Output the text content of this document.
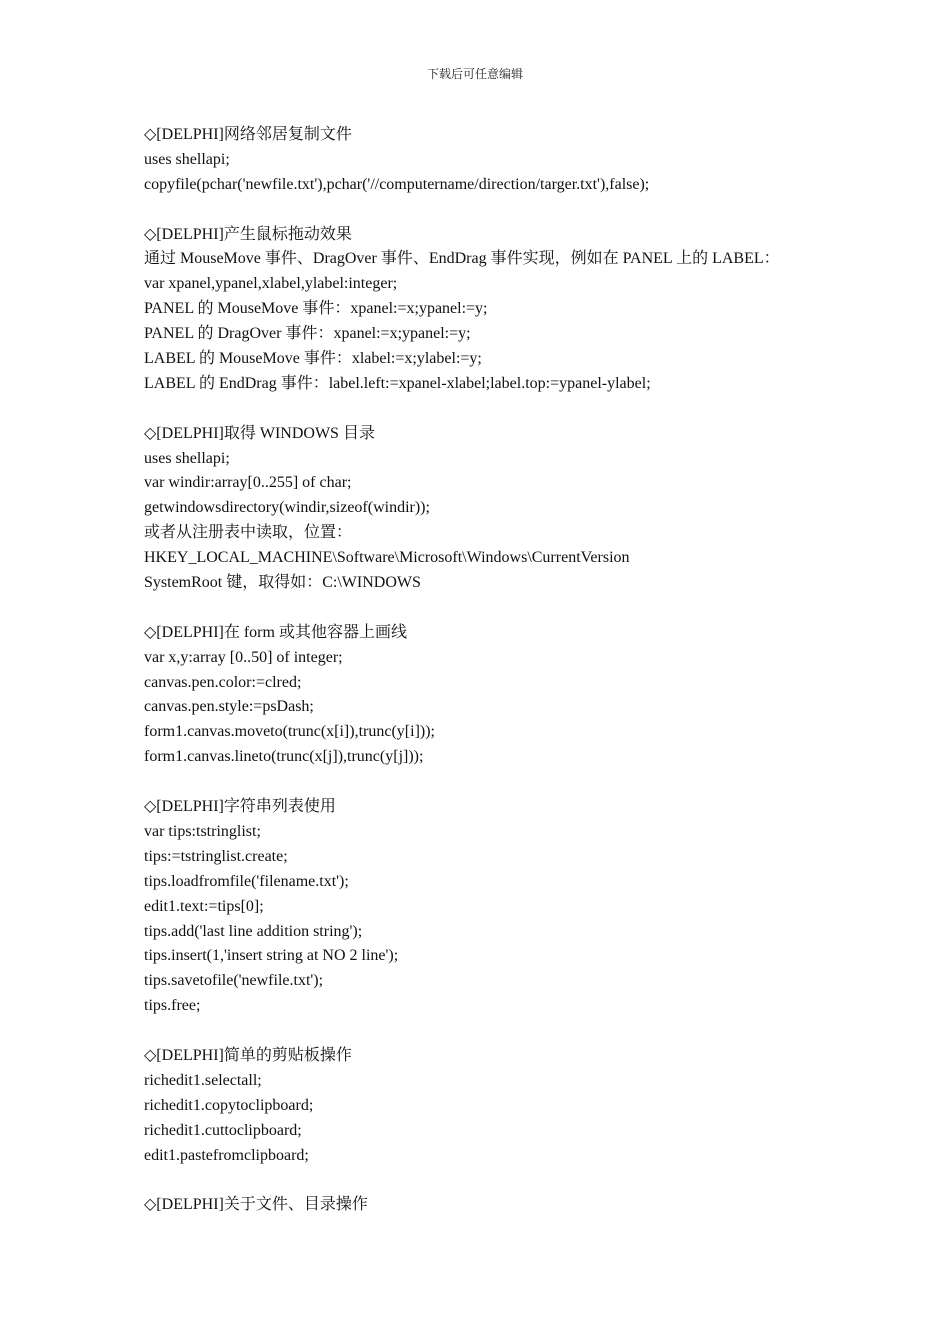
下载后可任意编辑
◇[DELPHI]网络邻居复制文件
uses shellapi;
copyfile(pchar('newfile.txt'),pchar('//computername/direction/targer.txt'),false);
◇[DELPHI]产生鼠标拖动效果
通过 MouseMove 事件、DragOver 事件、EndDrag 事件实现，例如在 PANEL 上的 LABEL：
var xpanel,ypanel,xlabel,ylabel:integer;
PANEL 的 MouseMove 事件：xpanel:=x;ypanel:=y;
PANEL 的 DragOver 事件：xpanel:=x;ypanel:=y;
LABEL 的 MouseMove 事件：xlabel:=x;ylabel:=y;
LABEL 的 EndDrag 事件：label.left:=xpanel-xlabel;label.top:=ypanel-ylabel;
◇[DELPHI]取得 WINDOWS 目录
uses shellapi;
var windir:array[0..255] of char;
getwindowsdirectory(windir,sizeof(windir));
或者从注册表中读取，位置：
HKEY_LOCAL_MACHINE\Software\Microsoft\Windows\CurrentVersion
SystemRoot 键，取得如：C:\WINDOWS
◇[DELPHI]在 form 或其他容器上画线
var x,y:array [0..50] of integer;
canvas.pen.color:=clred;
canvas.pen.style:=psDash;
form1.canvas.moveto(trunc(x[i]),trunc(y[i]));
form1.canvas.lineto(trunc(x[j]),trunc(y[j]));
◇[DELPHI]字符串列表使用
var tips:tstringlist;
tips:=tstringlist.create;
tips.loadfromfile('filename.txt');
edit1.text:=tips[0];
tips.add('last line addition string');
tips.insert(1,'insert string at NO 2 line');
tips.savetofile('newfile.txt');
tips.free;
◇[DELPHI]简单的剪贴板操作
richedit1.selectall;
richedit1.copytoclipboard;
richedit1.cuttoclipboard;
edit1.pastefromclipboard;
◇[DELPHI]关于文件、目录操作
